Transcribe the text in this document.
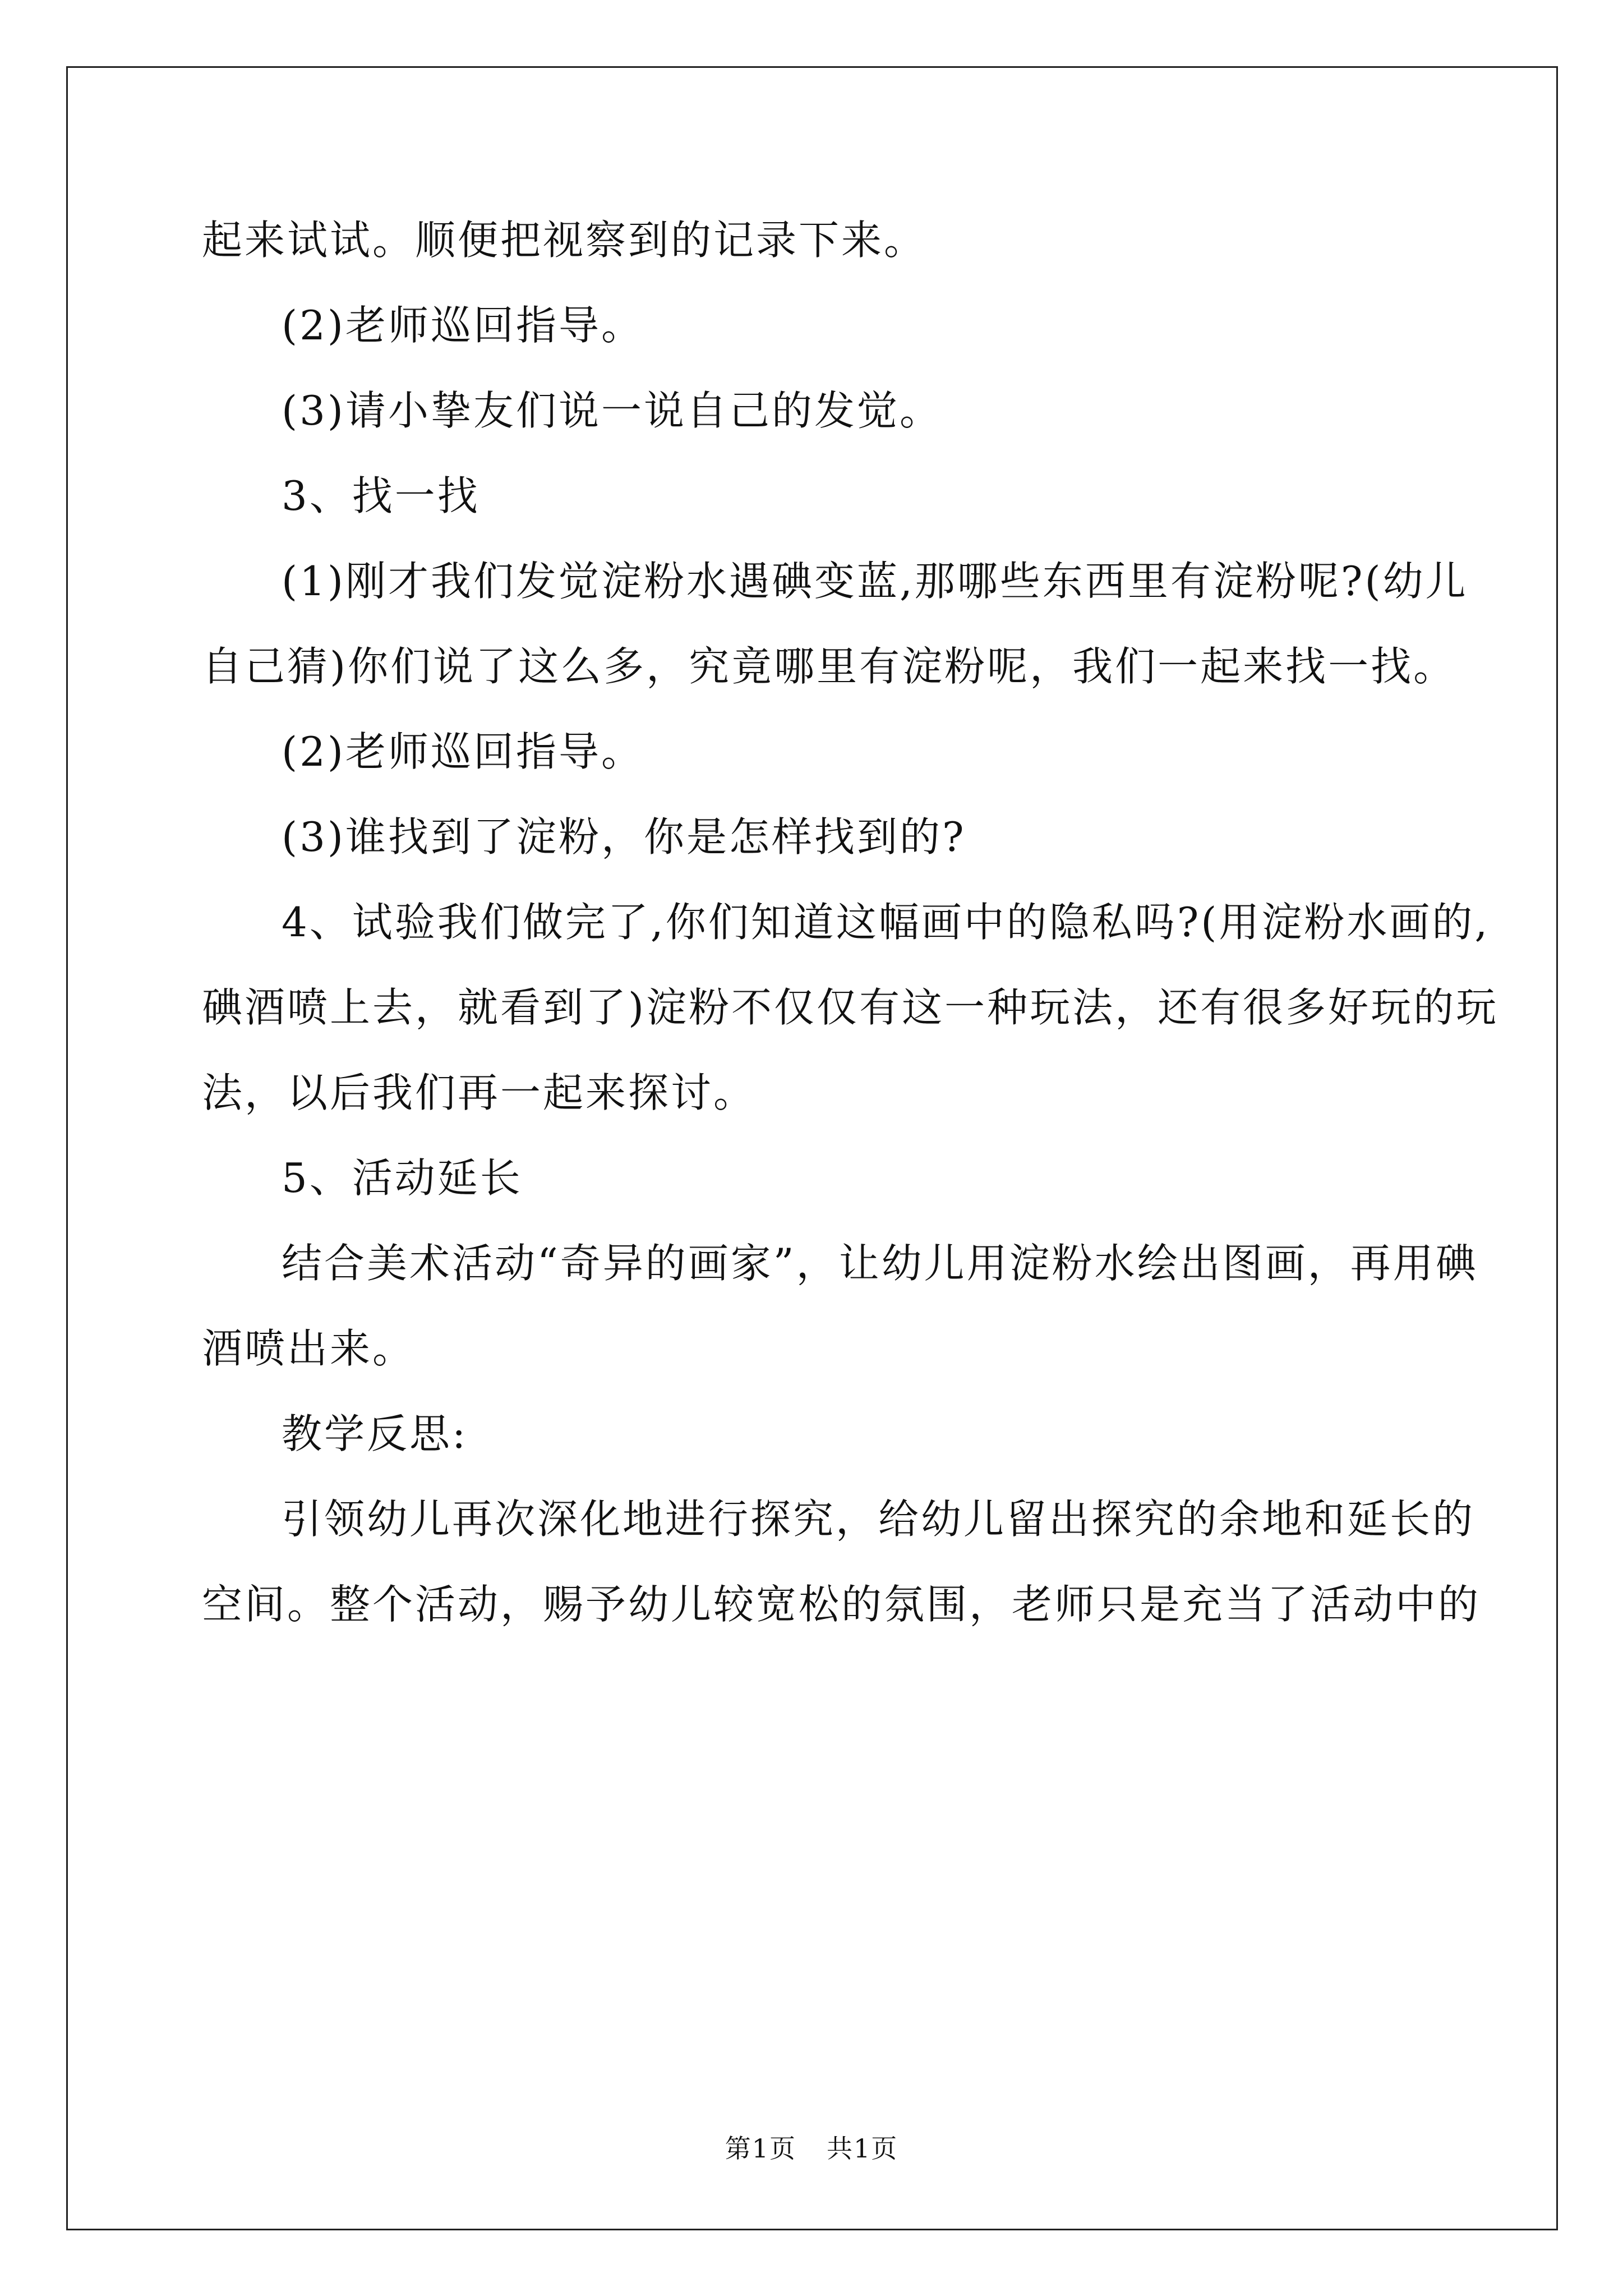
起来试试。顺便把视察到的记录下来。
(2)老师巡回指导。
(3)请小挚友们说一说自己的发觉。
3、找一找
(1)刚才我们发觉淀粉水遇碘变蓝,那哪些东西里有淀粉呢?(幼儿
自己猜)你们说了这么多，究竟哪里有淀粉呢，我们一起来找一找。
(2)老师巡回指导。
(3)谁找到了淀粉，你是怎样找到的?
4、试验我们做完了,你们知道这幅画中的隐私吗?(用淀粉水画的,
碘酒喷上去，就看到了)淀粉不仅仅有这一种玩法，还有很多好玩的玩
法，以后我们再一起来探讨。
5、活动延长
结合美术活动“奇异的画家”，让幼儿用淀粉水绘出图画，再用碘
酒喷出来。
教学反思:
引领幼儿再次深化地进行探究，给幼儿留出探究的余地和延长的
空间。整个活动，赐予幼儿较宽松的氛围，老师只是充当了活动中的
第1页 共1页
